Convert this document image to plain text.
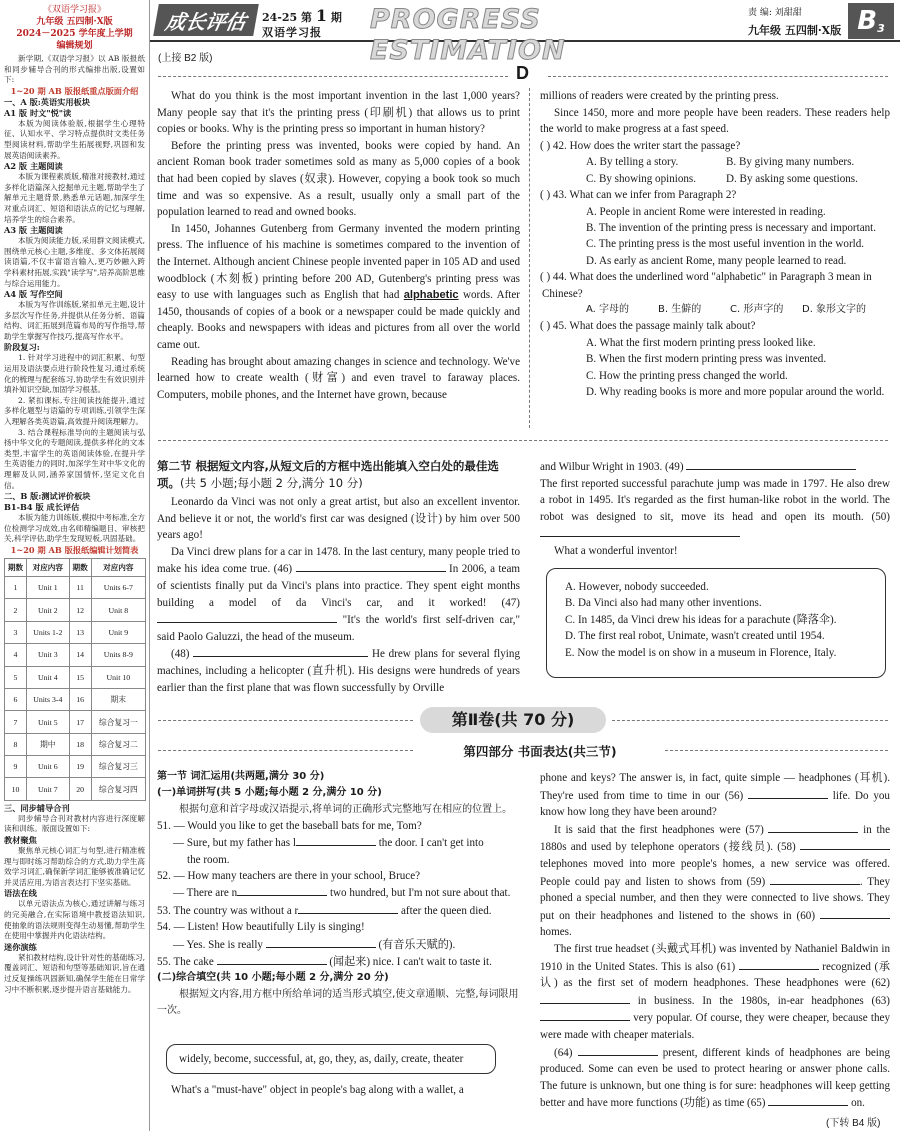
《双语学习报》
九年级 五四制·X版
2024－2025 学年度上学期
编辑规划
新学期,《双语学习报》以 AB 版报纸和同步辅导合刊的形式编排出版,设置如下:
1~20 期 AB 版报纸重点版面介绍
一、A 版:英语实用板块
A1 版 时文"悦"读
本版为阅读体验版,根据学生心理特征、认知水平、学习特点提供时文类任务型阅读材料,帮助学生拓展视野,巩固和发展英语阅读素养。
A2 版 主题阅读
本版为课程素质版,精准对接教材,通过多样化语篇深入挖掘单元主题,帮助学生了解单元主题背景,熟悉单元话题,加深学生对重点词汇、短语和语法点的记忆与理解,培养学生的综合素养。
A3 版 主题阅读
本版为阅读能力版,采用群文阅读模式,围绕单元核心主题,多维度、多文体拓展阅读语篇,不仅丰富语言输入,更巧妙融入跨学科素材拓展,实践"读学写",培养高阶思维与综合运用能力。
A4 版 写作空间
本版为写作训练版,紧扣单元主题,设计多层次写作任务,并提供从任务分析、语篇结构、词汇拓展到范篇布局的写作指导,帮助学生掌握写作技巧,提高写作水平。
阶段复习:
1. 针对学习进程中的词汇积累、句型运用及语法要点进行阶段性复习,通过系统化的梳理与配套练习,协助学生有效识别并填补知识空缺,加固学习根基。
2. 紧扣课标,专注阅读技能提升,通过多样化题型与语篇的专项训练,引领学生深入理解各类英语篇,高效提升阅读理解力。
3. 结合课程标准导向的主题阅读与弘扬中华文化的专题阅读,提供多样化的文本类型,丰富学生的英语阅读体验,在提升学生英语能力的同时,加深学生对中华文化的理解及认同,涵养家国情怀,坚定文化自信。
二、B 版:测试评价板块
B1-B4 版 成长评估
本版为能力训练版,模拟中考标准,全方位检测学习成效,由名师精编题目、审核把关,科学评估,助学生发现短板,巩固基础。
1~20 期 AB 版报纸编辑计划简表
期数	对应内容	期数	对应内容
1	Unit 1	11	Units 6-7
2	Unit 2	12	Unit 8
3	Units 1-2	13	Unit 9
4	Unit 3	14	Units 8-9
5	Unit 4	15	Unit 10
6	Units 3-4	16	期末
7	Unit 5	17	综合复习一
8	期中	18	综合复习二
9	Unit 6	19	综合复习三
10	Unit 7	20	综合复习四
三、同步辅导合刊
同步辅导合刊对教材内容进行深度解读和训练。版面设置如下:
教材聚焦
聚焦单元核心词汇与句型,进行精准梳理与即时练习帮助综合的方式,助力学生高效学习词汇,确保新学词汇能够被准确记忆并灵活应用,为语言表达打下坚实基础。
语法在线
以单元语法点为核心,通过讲解与练习的完美融合,在实际语境中教授语法知识,使抽象的语法规则变得生动易懂,帮助学生在使用中掌握并内化语法结构。
迷你演练
紧扣教材结构,设计针对性的基础练习,覆盖词汇、短语和句型等基础知识,旨在通过反复操练巩固新知,确保学生能在日常学习中不断积累,逐步提升语言基础能力。
成长评估	24-25 第 1 期
双语学习报 PROGRESS ESTIMATION
责 编: 刘甜甜
九年级 五四制·X版 B 3
(上接 B2 版)
D

What do you think is the most important invention in the last 1,000 years? Many people say that it's the printing press (印刷机) that allows us to print copies or books. Why is the printing press so important in human history?

Before the printing press was invented, books were copied by hand. An ancient Roman book trader sometimes sold as many as 5,000 copies of a book that had been copied by slaves (奴隶). However, copying a book took so much time and was so expensive. As a result, usually only a small part of the population learned to read and owned books.

In 1450, Johannes Gutenberg from Germany invented the modern printing press. The influence of his machine is sometimes compared to the invention of the Internet. Although ancient Chinese people invented paper in 105 AD and used woodblock (木刻板) printing before 200 AD, Gutenberg's printing press was easy to use with languages such as English that had alphabetic words. After 1450, thousands of copies of a book or a newspaper could be made quickly and cheaply. Books and newspapers with ideas and pictures from all over the world came out.

Reading has brought about amazing changes in science and technology. We've learned how to create wealth (财富) and even travel to faraway places. Computers, mobile phones, and the Internet have grown, because

millions of readers were created by the printing press.

Since 1450, more and more people have been readers. These readers help the world to make progress at a fast speed.

( ) 42. How does the writer start the passage?
A. By telling a story.	B. By giving many numbers.
C. By showing opinions.	D. By asking some questions.
( ) 43. What can we infer from Paragraph 2?
A. People in ancient Rome were interested in reading.
B. The invention of the printing press is necessary and important.
C. The printing press is the most useful invention in the world.
D. As early as ancient Rome, many people learned to read.
( ) 44. What does the underlined word "alphabetic" in Paragraph 3 mean in Chinese?
A. 字母的	B. 生僻的	C. 形声字的	D. 象形文字的
( ) 45. What does the passage mainly talk about?
A. What the first modern printing press looked like.
B. When the first modern printing press was invented.
C. How the printing press changed the world.
D. Why reading books is more and more popular around the world.
第二节 根据短文内容,从短文后的方框中选出能填入空白处的最佳选项。(共 5 小题;每小题 2 分,满分 10 分)

Leonardo da Vinci was not only a great artist, but also an excellent inventor. And believe it or not, the world's first car was designed (设计) by him over 500 years ago!

Da Vinci drew plans for a car in 1478. In the last century, many people tried to make his idea come true. (46)	In 2006, a team of scientists finally put da Vinci's plans into practice. They spent eight months building a model of da Vinci's car, and it worked! (47)  "It's the world's first self-driven car," said Paolo Galuzzi, the head of the museum.

(48)	He drew plans for several flying machines, including a helicopter (直升机). His designs were hundreds of years earlier than the first plane that was flown successfully by Orville

and Wilbur Wright in 1903. (49)

The first reported successful parachute jump was made in 1797. He also drew a robot in 1495. It's regarded as the first human-like robot in the world. The robot was designed to sit, move its head and open its mouth. (50)

What a wonderful inventor!

A. However, nobody succeeded.
B. Da Vinci also had many other inventions.
C. In 1485, da Vinci drew his ideas for a parachute (降落伞).
D. The first real robot, Unimate, wasn't created until 1954.
E. Now the model is on show in a museum in Florence, Italy.
第Ⅱ卷(共 70 分)
第四部分 书面表达(共三节)
第一节 词汇运用(共两题,满分 30 分)
(一)单词拼写(共 5 小题;每小题 2 分,满分 10 分)
根据句意和首字母或汉语提示,将单词的正确形式完整地写在相应的位置上。
51. — Would you like to get the baseball bats for me, Tom?
— Sure, but my father has l	the door. I can't get into
the room.
52. — How many teachers are there in your school, Bruce?
— There are n	two hundred, but I'm not sure about that.
53. The country was without a r	after the queen died.
54. — Listen! How beautifully Lily is singing!
— Yes. She is really	(有音乐天赋的).
55. The cake	(闻起来) nice. I can't wait to taste it.
(二)综合填空(共 10 小题;每小题 2 分,满分 20 分)
根据短文内容,用方框中所给单词的适当形式填空,使文章通顺、完整,每词限用一次。
widely, become, successful, at, go, they, as, daily, create, theater
What's a "must-have" object in people's bag along with a wallet, a

phone and keys? The answer is, in fact, quite simple — headphones (耳机). They're used from time to time in our (56)	life. Do you know how long they have been around?

It is said that the first headphones were (57)	in the 1880s and used by telephone operators (接线员). (58)  telephones moved into more people's homes, a new service was offered. People could pay and listen to shows from (59)	. They phoned a special number, and then they were connected to live shows. They put on their headphones and listened to the shows in (60)  homes.

The first true headset (头戴式耳机) was invented by Nathaniel Baldwin in 1910 in the United States. This is also (61)	recognized (承认) as the first set of modern headphones. These headphones were (62)  in business. In the 1980s, in-ear headphones (63)  very popular. Of course, they were cheaper, because they were made with cheaper materials.

(64)	present, different kinds of headphones are being produced. Some can even be used to protect hearing or answer phone calls. The future is unknown, but one thing is for sure: headphones will keep getting better and have more functions (功能) as time (65)	on.

(下转 B4 版)
